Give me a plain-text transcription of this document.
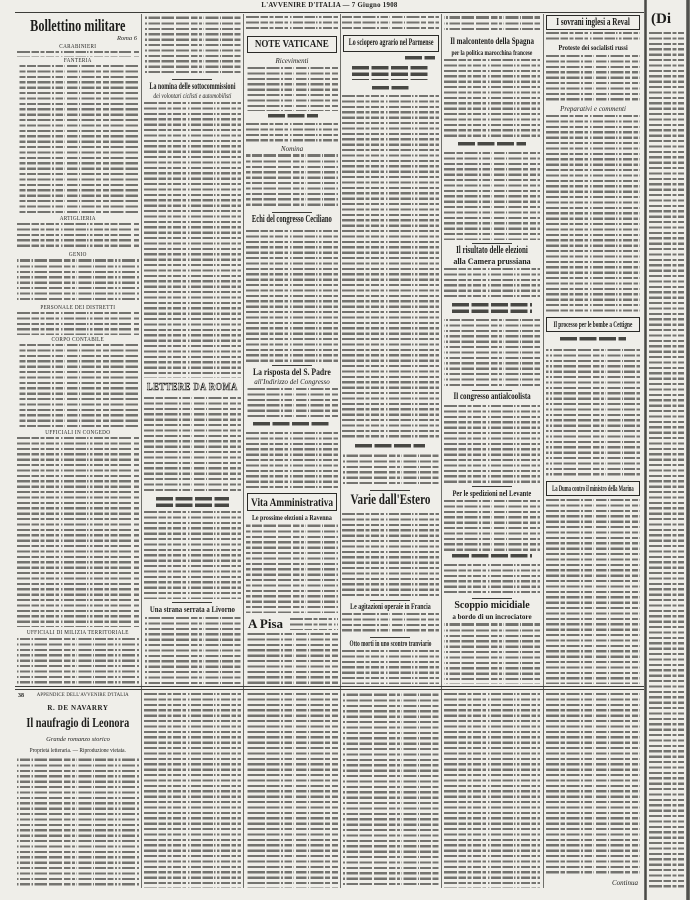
L'AVVENIRE D'ITALIA — 7 Giugno 1908
Bollettino militare
Roma 6
CARABINIERI
FANTERIA
ARTIGLIERIA
GENIO
PERSONALE DEI DISTRETTI
CORPO CONTABILE
UFFICIALI IN CONGEDO
UFFICIALI DI MILIZIA TERRITORIALE
La nomina delle sottocommissioni
dei volontari ciclisti e automobilisti
LETTERE DA ROMA
Una strana serrata a Livorno
NOTE VATICANE
Ricevimenti
Nomina
Echi del congresso Ceciliano
La risposta del S. Padre
all'Indirizzo del Congresso
Vita Amministrativa
Le prossime elezioni a Ravenna
A Pisa
Lo sciopero agrario nel Parmense
Varie dall'Estero
Le agitazioni operaie in Francia
Otto morti in uno scontro tranviario
Il malcontento della Spagna
per la politica marocchina francese
Il risultato delle elezioni
alla Camera prussiana
Il congresso antialcoolista
Per le spedizioni nel Levante
Scoppio micidiale
a bordo di un incrociatore
I sovrani inglesi a Reval
Proteste dei socialisti russi
Preparativi e commenti
Il processo per le bombe a Cettigne
La Duma contro il ministro della Marina
(Di
38	APPENDICE DELL'AVVENIRE D'ITALIA
R. DE NAVARRY
Il naufragio di Leonora
Grande romanzo storico
Proprietà letteraria. — Riproduzione vietata.
Continua
